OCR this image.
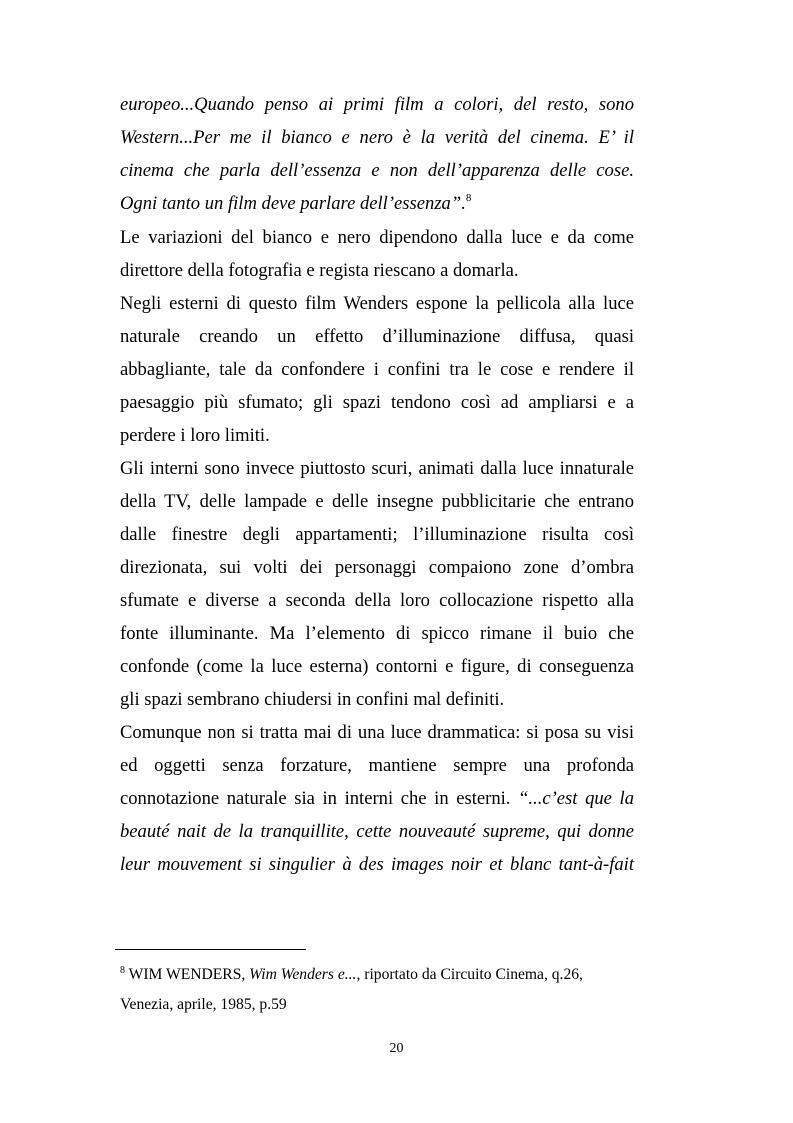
europeo...Quando penso ai primi film a colori, del resto, sono
Western...Per me il bianco e nero è la verità del cinema. E’ il
cinema che parla dell’essenza e non dell’apparenza delle cose.
Ogni tanto un film deve parlare dell’essenza”.$^8$
Le variazioni del bianco e nero dipendono dalla luce e da come
direttore della fotografia e regista riescano a domarla.
Negli esterni di questo film Wenders espone la pellicola alla luce
naturale creando un effetto d’illuminazione diffusa, quasi
abbagliante, tale da confondere i confini tra le cose e rendere il
paesaggio più sfumato; gli spazi tendono così ad ampliarsi e a
perdere i loro limiti.
Gli interni sono invece piuttosto scuri, animati dalla luce innaturale
della TV, delle lampade e delle insegne pubblicitarie che entrano
dalle finestre degli appartamenti; l’illuminazione risulta così
direzionata, sui volti dei personaggi compaiono zone d’ombra
sfumate e diverse a seconda della loro collocazione rispetto alla
fonte illuminante. Ma l’elemento di spicco rimane il buio che
confonde (come la luce esterna) contorni e figure, di conseguenza
gli spazi sembrano chiudersi in confini mal definiti.
Comunque non si tratta mai di una luce drammatica: si posa su visi
ed oggetti senza forzature, mantiene sempre una profonda
connotazione naturale sia in interni che in esterni. “...c’est que la
beauté nait de la tranquillite, cette nouveauté supreme, qui donne
leur mouvement si singulier à des images noir et blanc tant-à-fait
$^8$ WIM WENDERS, Wim Wenders e..., riportato da Circuito Cinema, q.26,
Venezia, aprile, 1985, p.59
20
